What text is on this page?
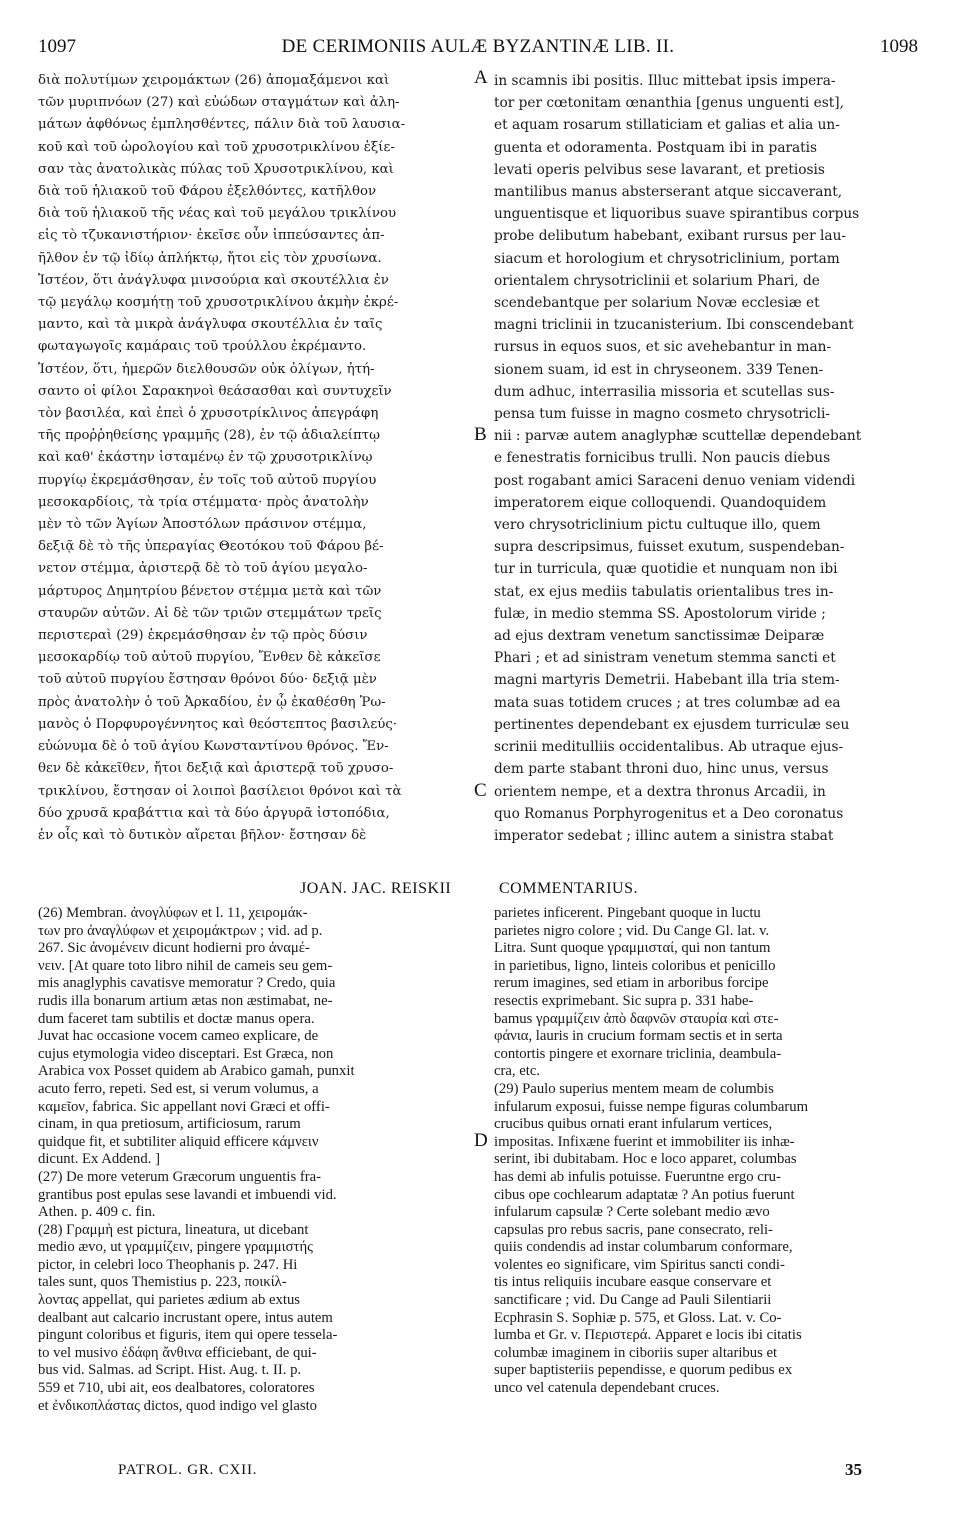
1097	DE CERIMONIIS AULÆ BYZANTINÆ LIB. II.	1098
διὰ πολυτίμων χειρομάκτων (26) ἀπομαξάμενοι καὶ
τῶν μυριπνόων (27) καὶ εὐώδων σταγμάτων καὶ ἀλη-
μάτων ἀφθόνως ἐμπλησθέντες, πάλιν διὰ τοῦ λαυσια-
κοῦ καὶ τοῦ ὡρολογίου καὶ τοῦ χρυσοτρικλίνου ἐξίε-
σαν τὰς ἀνατολικὰς πύλας τοῦ Χρυσοτρικλίνου, καὶ
διὰ τοῦ ἡλιακοῦ τοῦ Φάρου ἐξελθόντες, κατῆλθον
διὰ τοῦ ἡλιακοῦ τῆς νέας καὶ τοῦ μεγάλου τρικλίνου
εἰς τὸ τζυκανιστήριον· ἐκεῖσε οὖν ἱππεύσαντες ἀπ-
ῆλθον ἐν τῷ ἰδίῳ ἀπλήκτῳ, ἤτοι εἰς τὸν χρυσίωνα.
Ἰστέον, ὅτι ἀνάγλυφα μινσούρια καὶ σκουτέλλια ἐν
τῷ μεγάλῳ κοσμήτῃ τοῦ χρυσοτρικλίνου ἀκμὴν ἐκρέ-
μαντο, καὶ τὰ μικρὰ ἀνάγλυφα σκουτέλλια ἐν ταῖς
φωταγωγοῖς καμάραις τοῦ τρούλλου ἐκρέμαντο.
Ἰστέον, ὅτι, ἡμερῶν διελθουσῶν οὐκ ὀλίγων, ἠτή-
σαντο οἱ φίλοι Σαρακηνοὶ θεάσασθαι καὶ συντυχεῖν
τὸν βασιλέα, καὶ ἐπεὶ ὁ χρυσοτρίκλινος ἀπεγράφη
τῆς προῤῥηθείσης γραμμῆς (28), ἐν τῷ ἀδιαλείπτῳ
καὶ καθ' ἑκάστην ἱσταμένῳ ἐν τῷ χρυσοτρικλίνῳ
πυργίῳ ἐκρεμάσθησαν, ἐν τοῖς τοῦ αὐτοῦ πυργίου
μεσοκαρδίοις, τὰ τρία στέμματα· πρὸς ἀνατολὴν
μὲν τὸ τῶν Ἁγίων Ἀποστόλων πράσινον στέμμα,
δεξιᾷ δὲ τὸ τῆς ὑπεραγίας Θεοτόκου τοῦ Φάρου βέ-
νετον στέμμα, ἀριστερᾷ δὲ τὸ τοῦ ἁγίου μεγαλο-
μάρτυρος Δημητρίου βένετον στέμμα μετὰ καὶ τῶν
σταυρῶν αὐτῶν. Αἱ δὲ τῶν τριῶν στεμμάτων τρεῖς
περιστεραὶ (29) ἐκρεμάσθησαν ἐν τῷ πρὸς δύσιν
μεσοκαρδίῳ τοῦ αὐτοῦ πυργίου, Ἔνθεν δὲ κἀκεῖσε
τοῦ αὐτοῦ πυργίου ἔστησαν θρόνοι δύο· δεξιᾷ μὲν
πρὸς ἀνατολὴν ὁ τοῦ Ἀρκαδίου, ἐν ᾧ ἐκαθέσθη Ῥω-
μανὸς ὁ Πορφυρογέννητος καὶ θεόστεπτος βασιλεύς·
εὐώνυμα δὲ ὁ τοῦ ἁγίου Κωνσταντίνου θρόνος. Ἔν-
θεν δὲ κἀκεῖθεν, ἤτοι δεξιᾷ καὶ ἀριστερᾷ τοῦ χρυσο-
τρικλίνου, ἔστησαν οἱ λοιποὶ βασίλειοι θρόνοι καὶ τὰ
δύο χρυσᾶ κραβάττια καὶ τὰ δύο ἀργυρᾶ ἱστοπόδια,
ἐν οἷς καὶ τὸ δυτικὸν αἴρεται βῆλον· ἔστησαν δὲ
in scamnis ibi positis. Illuc mittebat ipsis impera-
tor per cœtonitam œnanthia [genus unguenti est],
et aquam rosarum stillaticiam et galias et alia un-
guenta et odoramenta. Postquam ibi in paratis
levati operis pelvibus sese lavarant, et pretiosis
mantilibus manus absterserant atque siccaverant,
unguentisque et liquoribus suave spirantibus corpus
probe delibutum habebant, exibant rursus per lau-
siacum et horologium et chrysotriclinium, portam
orientalem chrysotriclinii et solarium Phari, de
scendebantque per solarium Novæ ecclesiæ et
magni triclinii in tzucanisterium. Ibi conscendebant
rursus in equos suos, et sic avehebantur in man-
sionem suam, id est in chryseonem. 339 Tenen-
dum adhuc, interrasilia missoria et scutellas sus-
pensa tum fuisse in magno cosmeto chrysotricli-
nii : parvæ autem anaglyphæ scuttellæ dependebant
e fenestratis fornicibus trulli. Non paucis diebus
post rogabant amici Saraceni denuo veniam videndi
imperatorem eique colloquendi. Quandoquidem
vero chrysotriclinium pictu cultuque illo, quem
supra descripsimus, fuisset exutum, suspendeban-
tur in turricula, quæ quotidie et nunquam non ibi
stat, ex ejus mediis tabulatis orientalibus tres in-
fulæ, in medio stemma SS. Apostolorum viride ;
ad ejus dextram venetum sanctissimæ Deiparæ
Phari ; et ad sinistram venetum stemma sancti et
magni martyris Demetrii. Habebant illa tria stem-
mata suas totidem cruces ; at tres columbæ ad ea
pertinentes dependebant ex ejusdem turriculæ seu
scrinii meditulliis occidentalibus. Ab utraque ejus-
dem parte stabant throni duo, hinc unus, versus
orientem nempe, et a dextra thronus Arcadii, in
quo Romanus Porphyrogenitus et a Deo coronatus
imperator sedebat ; illinc autem a sinistra stabat
A
B
C
D
JOAN. JAC. REISKII	COMMENTARIUS.
(26) Membran. ἀνογλύφων et l. 11, χειρομάκ-
των pro ἀναγλύφων et χειρομάκτρων ; vid. ad p.
267. Sic ἀνομένειν dicunt hodierni pro ἀναμέ-
νειν. [At quare toto libro nihil de cameis seu gem-
mis anaglyphis cavatisve memoratur ? Credo, quia
rudis illa bonarum artium ætas non æstimabat, ne-
dum faceret tam subtilis et doctæ manus opera.
Juvat hac occasione vocem cameo explicare, de
cujus etymologia video disceptari. Est Græca, non
Arabica vox Posset quidem ab Arabico gamah, punxit
acuto ferro, repeti. Sed est, si verum volumus, a
καμεῖον, fabrica. Sic appellant novi Græci et offi-
cinam, in qua pretiosum, artificiosum, rarum
quidque fit, et subtiliter aliquid efficere κάμνειν
dicunt. Ex Addend. ]
(27) De more veterum Græcorum unguentis fra-
grantibus post epulas sese lavandi et imbuendi vid.
Athen. p. 409 c. fin.
(28) Γραμμὴ est pictura, lineatura, ut dicebant
medio ævo, ut γραμμίζειν, pingere γραμμιστής
pictor, in celebri loco Theophanis p. 247. Hi
tales sunt, quos Themistius p. 223, ποικίλ-
λοντας appellat, qui parietes ædium ab extus
dealbant aut calcario incrustant opere, intus autem
pingunt coloribus et figuris, item qui opere tessela-
to vel musivo ἐδάφη ἄνθινα efficiebant, de qui-
bus vid. Salmas. ad Script. Hist. Aug. t. II. p.
559 et 710, ubi ait, eos dealbatores, coloratores
et ἐνδικοπλάστας dictos, quod indigo vel glasto
parietes inficerent. Pingebant quoque in luctu
parietes nigro colore ; vid. Du Cange Gl. lat. v.
Litra. Sunt quoque γραμμισταί, qui non tantum
in parietibus, ligno, linteis coloribus et penicillo
rerum imagines, sed etiam in arboribus forcipe
resectis exprimebant. Sic supra p. 331 habe-
bamus γραμμίζειν ἀπὸ δαφνῶν σταυρία καὶ στε-
φάνια, lauris in crucium formam sectis et in serta
contortis pingere et exornare triclinia, deambula-
cra, etc.
(29) Paulo superius mentem meam de columbis
infularum exposui, fuisse nempe figuras columbarum
crucibus quibus ornati erant infularum vertices,
impositas. Infixæne fuerint et immobiliter iis inhæ-
serint, ibi dubitabam. Hoc e loco apparet, columbas
has demi ab infulis potuisse. Fueruntne ergo cru-
cibus ope cochlearum adaptatæ ? An potius fuerunt
infularum capsulæ ? Certe solebant medio ævo
capsulas pro rebus sacris, pane consecrato, reli-
quiis condendis ad instar columbarum conformare,
volentes eo significare, vim Spiritus sancti condi-
tis intus reliquiis incubare easque conservare et
sanctificare ; vid. Du Cange ad Pauli Silentiarii
Ecphrasin S. Sophiæ p. 575, et Gloss. Lat. v. Co-
lumba et Gr. v. Περιστερά. Apparet e locis ibi citatis
columbæ imaginem in ciboriis super altaribus et
super baptisteriis pependisse, e quorum pedibus ex
unco vel catenula dependebant cruces.
PATROL. GR. CXII.	35
